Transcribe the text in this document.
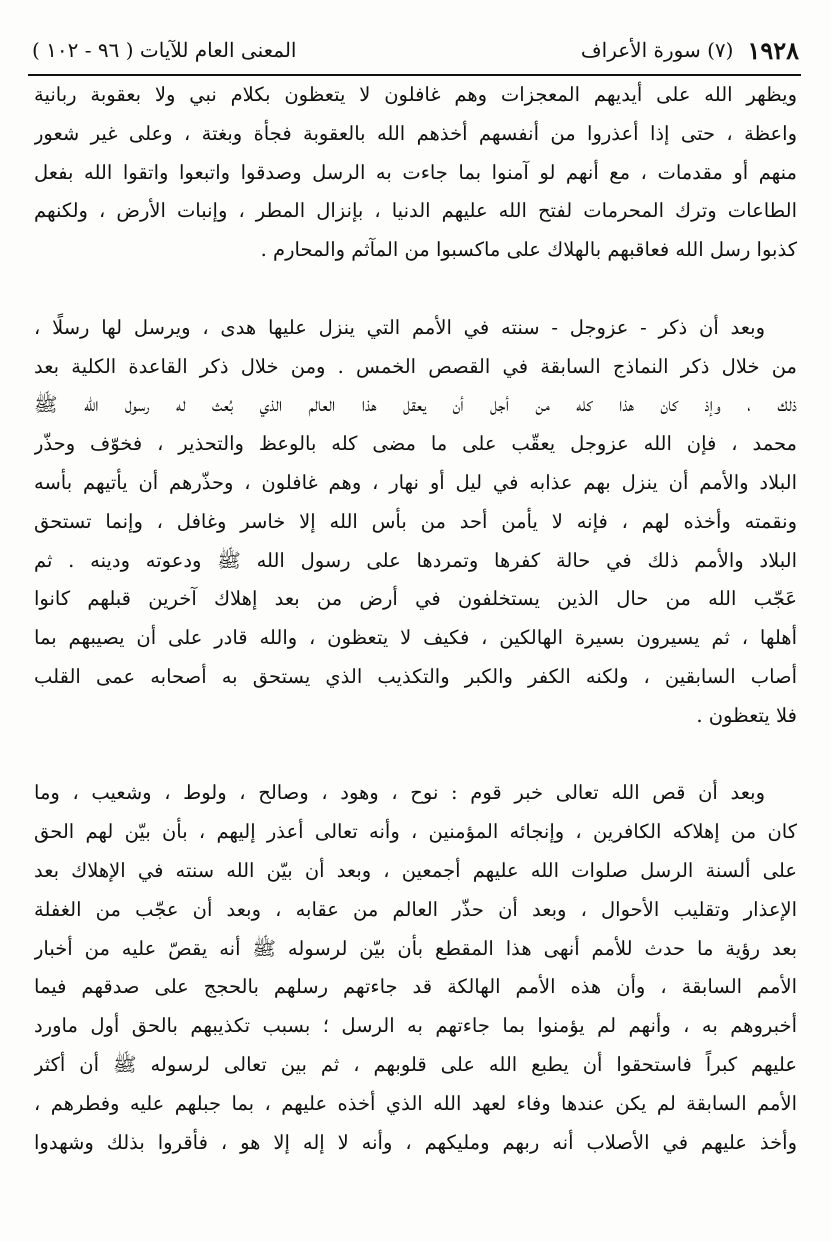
١٩٢٨
(٧) سورة الأعراف
المعنى العام للآيات ( ٩٦ - ١٠٢ )
ويظهر الله على أيديهم المعجزات وهم غافلون لا يتعظون بكلام نبي ولا بعقوبة ربانية
واعظة ، حتى إذا أعذروا من أنفسهم أخذهم الله بالعقوبة فجأة وبغتة ، وعلى غير شعور
منهم أو مقدمات ، مع أنهم لو آمنوا بما جاءت به الرسل وصدقوا واتبعوا واتقوا الله بفعل
الطاعات وترك المحرمات لفتح الله عليهم الدنيا ، بإنزال المطر ، وإنبات الأرض ، ولكنهم
كذبوا رسل الله فعاقبهم بالهلاك على ماكسبوا من المآثم والمحارم .
وبعد أن ذكر - عزوجل - سنته في الأمم التي ينزل عليها هدى ، ويرسل لها رسلًا ،
من خلال ذكر النماذج السابقة في القصص الخمس . ومن خلال ذكر القاعدة الكلية بعد
ذلك ، وإذ كان هذا كله من أجل أن يعقل هذا العالم الذي بُعث له رسول الله ﷺ
محمد ، فإن الله عزوجل يعقّب على ما مضى كله بالوعظ والتحذير ، فخوّف وحذّر
البلاد والأمم أن ينزل بهم عذابه في ليل أو نهار ، وهم غافلون ، وحذّرهم أن يأتيهم بأسه
ونقمته وأخذه لهم ، فإنه لا يأمن أحد من بأس الله إلا خاسر وغافل ، وإنما تستحق
البلاد والأمم ذلك في حالة كفرها وتمردها على رسول الله ﷺ ودعوته ودينه . ثم
عَجّب الله من حال الذين يستخلفون في أرض من بعد إهلاك آخرين قبلهم كانوا
أهلها ، ثم يسيرون بسيرة الهالكين ، فكيف لا يتعظون ، والله قادر على أن يصيبهم بما
أصاب السابقين ، ولكنه الكفر والكبر والتكذيب الذي يستحق به أصحابه عمى القلب
فلا يتعظون .
وبعد أن قص الله تعالى خبر قوم : نوح ، وهود ، وصالح ، ولوط ، وشعيب ، وما
كان من إهلاكه الكافرين ، وإنجائه المؤمنين ، وأنه تعالى أعذر إليهم ، بأن بيّن لهم الحق
على ألسنة الرسل صلوات الله عليهم أجمعين ، وبعد أن بيّن الله سنته في الإهلاك بعد
الإعذار وتقليب الأحوال ، وبعد أن حذّر العالم من عقابه ، وبعد أن عجّب من الغفلة
بعد رؤية ما حدث للأمم أنهى هذا المقطع بأن بيّن لرسوله ﷺ أنه يقصّ عليه من أخبار
الأمم السابقة ، وأن هذه الأمم الهالكة قد جاءتهم رسلهم بالحجج على صدقهم فيما
أخبروهم به ، وأنهم لم يؤمنوا بما جاءتهم به الرسل ؛ بسبب تكذيبهم بالحق أول ماورد
عليهم كبراً فاستحقوا أن يطبع الله على قلوبهم ، ثم بين تعالى لرسوله ﷺ أن أكثر
الأمم السابقة لم يكن عندها وفاء لعهد الله الذي أخذه عليهم ، بما جبلهم عليه وفطرهم ،
وأخذ عليهم في الأصلاب أنه ربهم ومليكهم ، وأنه لا إله إلا هو ، فأقروا بذلك وشهدوا
